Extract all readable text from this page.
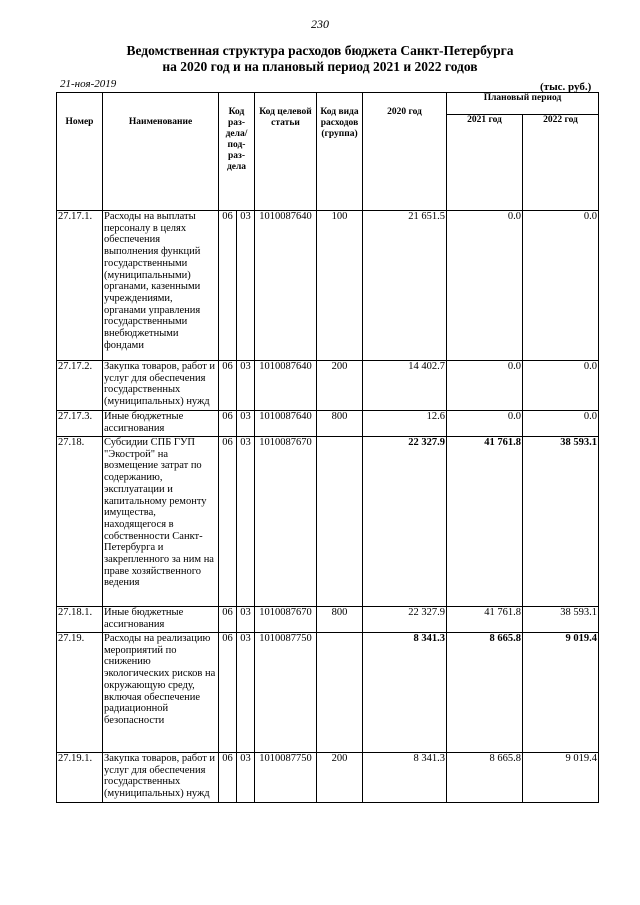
230
Ведомственная структура расходов бюджета Санкт-Петербурга
на 2020 год и на плановый период 2021 и 2022 годов
21-ноя-2019	(тыс. руб.)
Номер	Наименование	Код раз- дела/ под- раз- дела		Код целевой статьи	Код вида расходов (группа)	2020 год	Плановый период	
							2021 год	2022 год
27.17.1.	Расходы на выплаты персоналу в целях обеспечения выполнения функций государственными (муниципальными) органами, казенными учреждениями, органами управления государственными внебюджетными фондами	06	03	1010087640	100	21 651.5	0.0	0.0
27.17.2.	Закупка товаров, работ и услуг для обеспечения государственных (муниципальных) нужд	06	03	1010087640	200	14 402.7	0.0	0.0
27.17.3.	Иные бюджетные ассигнования	06	03	1010087640	800	12.6	0.0	0.0
27.18.	Субсидии СПБ ГУП "Экострой" на возмещение затрат по содержанию, эксплуатации и капитальному ремонту имущества, находящегося в собственности Санкт-Петербурга и закрепленного за ним на праве хозяйственного ведения	06	03	1010087670		22 327.9	41 761.8	38 593.1
27.18.1.	Иные бюджетные ассигнования	06	03	1010087670	800	22 327.9	41 761.8	38 593.1
27.19.	Расходы на реализацию мероприятий по снижению экологических рисков на окружающую среду, включая обеспечение радиационной безопасности	06	03	1010087750		8 341.3	8 665.8	9 019.4
27.19.1.	Закупка товаров, работ и услуг для обеспечения государственных (муниципальных) нужд	06	03	1010087750	200	8 341.3	8 665.8	9 019.4
